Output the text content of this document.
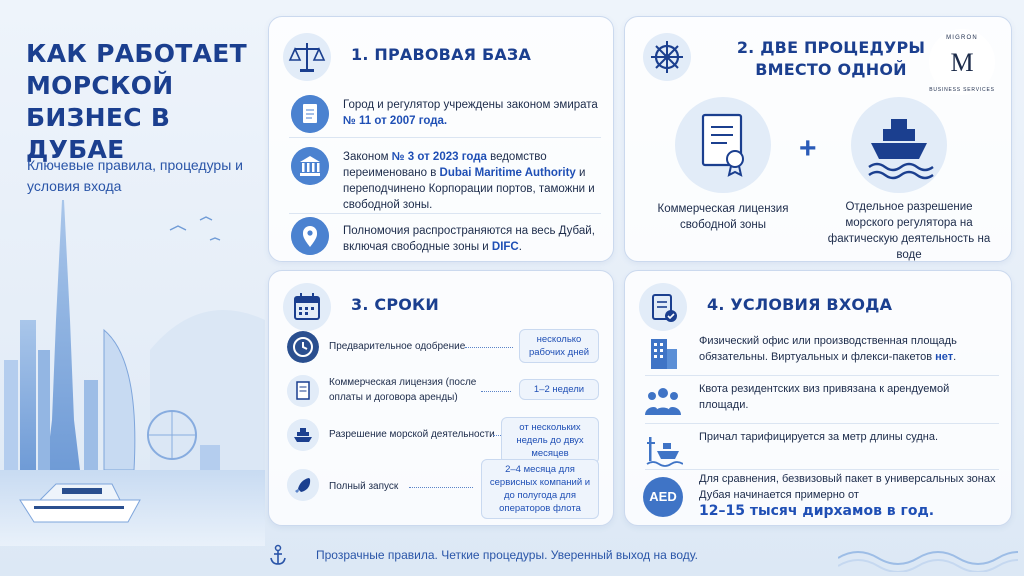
КАК РАБОТАЕТ МОРСКОЙ БИЗНЕС В ДУБАЕ
Ключевые правила, процедуры и условия входа
1. ПРАВОВАЯ БАЗА
Город и регулятор учреждены законом эмирата № 11 от 2007 года.
Законом № 3 от 2023 года ведомство переименовано в Dubai Maritime Authority и переподчинено Корпорации портов, таможни и свободной зоны.
Полномочия распространяются на весь Дубай, включая свободные зоны и DIFC.
2. ДВЕ ПРОЦЕДУРЫ ВМЕСТО ОДНОЙ	M
MIGRON
BUSINESS SERVICES
Коммерческая лицензия свободной зоны
+
Отдельное разрешение морского регулятора на фактическую деятельность на воде
3. СРОКИ
Предварительное одобрение
несколько рабочих дней
Коммерческая лицензия (после оплаты и договора аренды)
1–2 недели
Разрешение морской деятельности
от нескольких недель до двух месяцев
Полный запуск
2–4 месяца для сервисных компаний и до полугода для операторов флота
4. УСЛОВИЯ ВХОДА
Физический офис или производственная площадь обязательны. Виртуальных и флекси-пакетов нет.
Квота резидентских виз привязана к арендуемой площади.
Причал тарифицируется за метр длины судна.
AED
Для сравнения, безвизовый пакет в универсальных зонах Дубая начинается примерно от
12–15 тысяч дирхамов в год.
Прозрачные правила. Четкие процедуры. Уверенный выход на воду.
